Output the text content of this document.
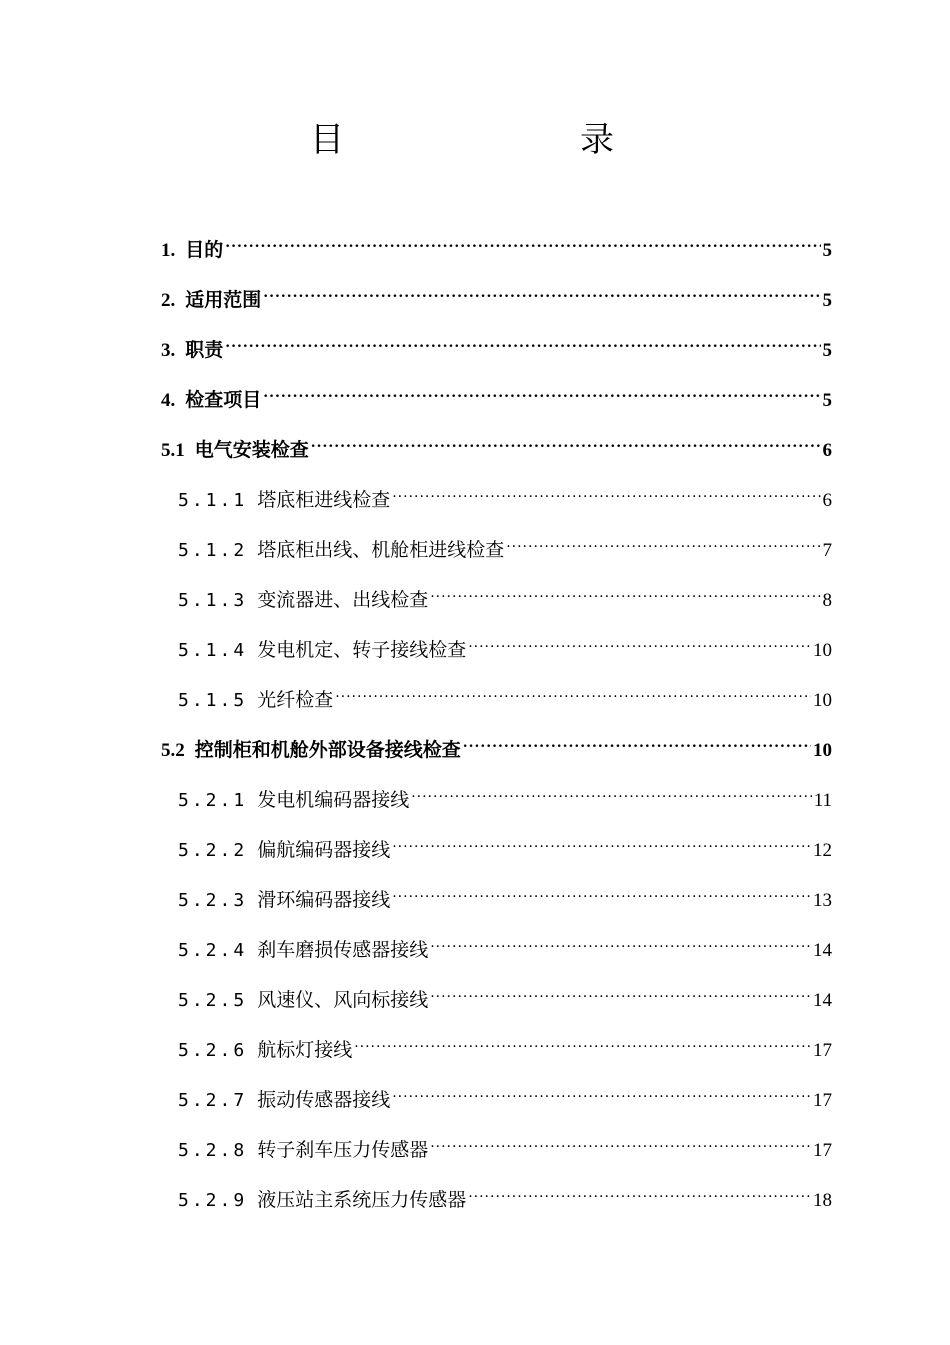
目　　录
1. 目的 .....	5
2. 适用范围 .....	5
3. 职责 .....	5
4. 检查项目 .....	5
5.1 电气安装检查 .....	6
5.1.1 塔底柜进线检查 .....	6
5.1.2 塔底柜出线、机舱柜进线检查 .....	7
5.1.3 变流器进、出线检查 .....	8
5.1.4 发电机定、转子接线检查 .....	10
5.1.5 光纤检查 .....	10
5.2 控制柜和机舱外部设备接线检查 .....	10
5.2.1 发电机编码器接线 .....	11
5.2.2 偏航编码器接线 .....	12
5.2.3 滑环编码器接线 .....	13
5.2.4 刹车磨损传感器接线 .....	14
5.2.5 风速仪、风向标接线 .....	14
5.2.6 航标灯接线 .....	17
5.2.7 振动传感器接线 .....	17
5.2.8 转子刹车压力传感器 .....	17
5.2.9 液压站主系统压力传感器 .....	18
